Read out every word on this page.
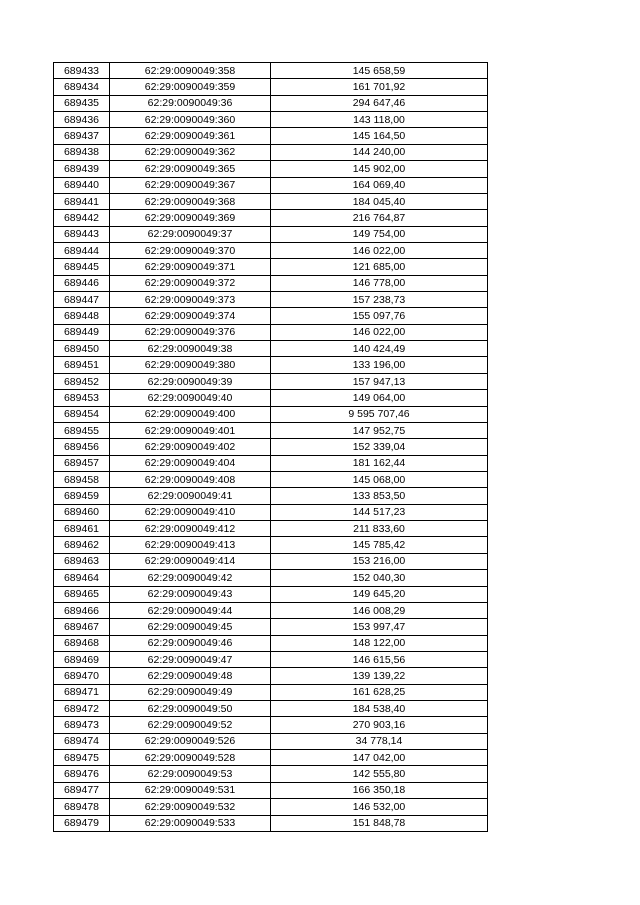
689433	62:29:0090049:358	145 658,59
689434	62:29:0090049:359	161 701,92
689435	62:29:0090049:36	294 647,46
689436	62:29:0090049:360	143 118,00
689437	62:29:0090049:361	145 164,50
689438	62:29:0090049:362	144 240,00
689439	62:29:0090049:365	145 902,00
689440	62:29:0090049:367	164 069,40
689441	62:29:0090049:368	184 045,40
689442	62:29:0090049:369	216 764,87
689443	62:29:0090049:37	149 754,00
689444	62:29:0090049:370	146 022,00
689445	62:29:0090049:371	121 685,00
689446	62:29:0090049:372	146 778,00
689447	62:29:0090049:373	157 238,73
689448	62:29:0090049:374	155 097,76
689449	62:29:0090049:376	146 022,00
689450	62:29:0090049:38	140 424,49
689451	62:29:0090049:380	133 196,00
689452	62:29:0090049:39	157 947,13
689453	62:29:0090049:40	149 064,00
689454	62:29:0090049:400	9 595 707,46
689455	62:29:0090049:401	147 952,75
689456	62:29:0090049:402	152 339,04
689457	62:29:0090049:404	181 162,44
689458	62:29:0090049:408	145 068,00
689459	62:29:0090049:41	133 853,50
689460	62:29:0090049:410	144 517,23
689461	62:29:0090049:412	211 833,60
689462	62:29:0090049:413	145 785,42
689463	62:29:0090049:414	153 216,00
689464	62:29:0090049:42	152 040,30
689465	62:29:0090049:43	149 645,20
689466	62:29:0090049:44	146 008,29
689467	62:29:0090049:45	153 997,47
689468	62:29:0090049:46	148 122,00
689469	62:29:0090049:47	146 615,56
689470	62:29:0090049:48	139 139,22
689471	62:29:0090049:49	161 628,25
689472	62:29:0090049:50	184 538,40
689473	62:29:0090049:52	270 903,16
689474	62:29:0090049:526	34 778,14
689475	62:29:0090049:528	147 042,00
689476	62:29:0090049:53	142 555,80
689477	62:29:0090049:531	166 350,18
689478	62:29:0090049:532	146 532,00
689479	62:29:0090049:533	151 848,78
